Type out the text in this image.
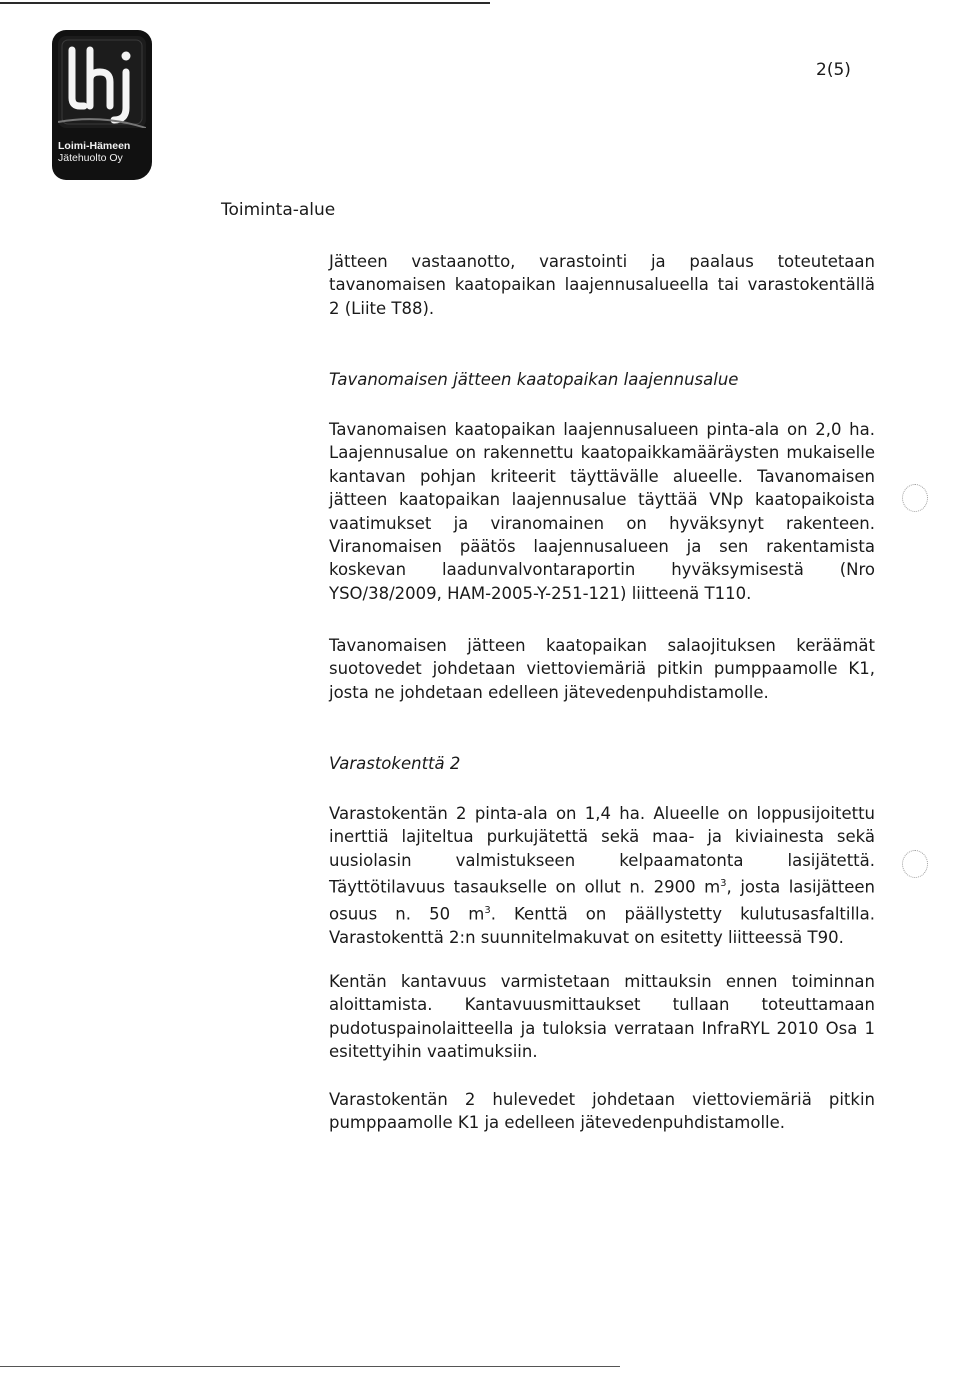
Loimi-Hämeen
Jätehuolto Oy
2(5)
Toiminta-alue

Jätteen vastaanotto, varastointi ja paalaus toteutetaan tavanomaisen kaatopaikan laajennusalueella tai varastokentällä 2 (Liite T88).

Tavanomaisen jätteen kaatopaikan laajennusalue

Tavanomaisen kaatopaikan laajennusalueen pinta-ala on 2,0 ha. Laajennusalue on rakennettu kaatopaikkamääräysten mukaiselle kantavan pohjan kriteerit täyttävälle alueelle. Tavanomaisen jätteen kaatopaikan laajennusalue täyttää VNp kaatopaikoista vaatimukset ja viranomainen on hyväksynyt rakenteen. Viranomaisen päätös laajennusalueen ja sen rakentamista koskevan laadunvalvontaraportin hyväksymisestä (Nro YSO/38/2009, HAM-2005-Y-251-121) liitteenä T110.

Tavanomaisen jätteen kaatopaikan salaojituksen keräämät suotovedet johdetaan viettoviemäriä pitkin pumppaamolle K1, josta ne johdetaan edelleen jätevedenpuhdistamolle.

Varastokenttä 2

Varastokentän 2 pinta-ala on 1,4 ha. Alueelle on loppusijoitettu inerttiä lajiteltua purkujätettä sekä maa- ja kiviainesta sekä uusiolasin valmistukseen kelpaamatonta lasijätettä. Täyttötilavuus tasaukselle on ollut n. 2900 $m^3$, josta lasijätteen osuus n. 50 $m^3$. Kenttä on päällystetty kulutusasfaltilla. Varastokenttä 2:n suunnitelmakuvat on esitetty liitteessä T90.

Kentän kantavuus varmistetaan mittauksin ennen toiminnan aloittamista. Kantavuusmittaukset tullaan toteuttamaan pudotuspainolaitteella ja tuloksia verrataan InfraRYL 2010 Osa 1 esitettyihin vaatimuksiin.

Varastokentän 2 hulevedet johdetaan viettoviemäriä pitkin pumppaamolle K1 ja edelleen jätevedenpuhdistamolle.
